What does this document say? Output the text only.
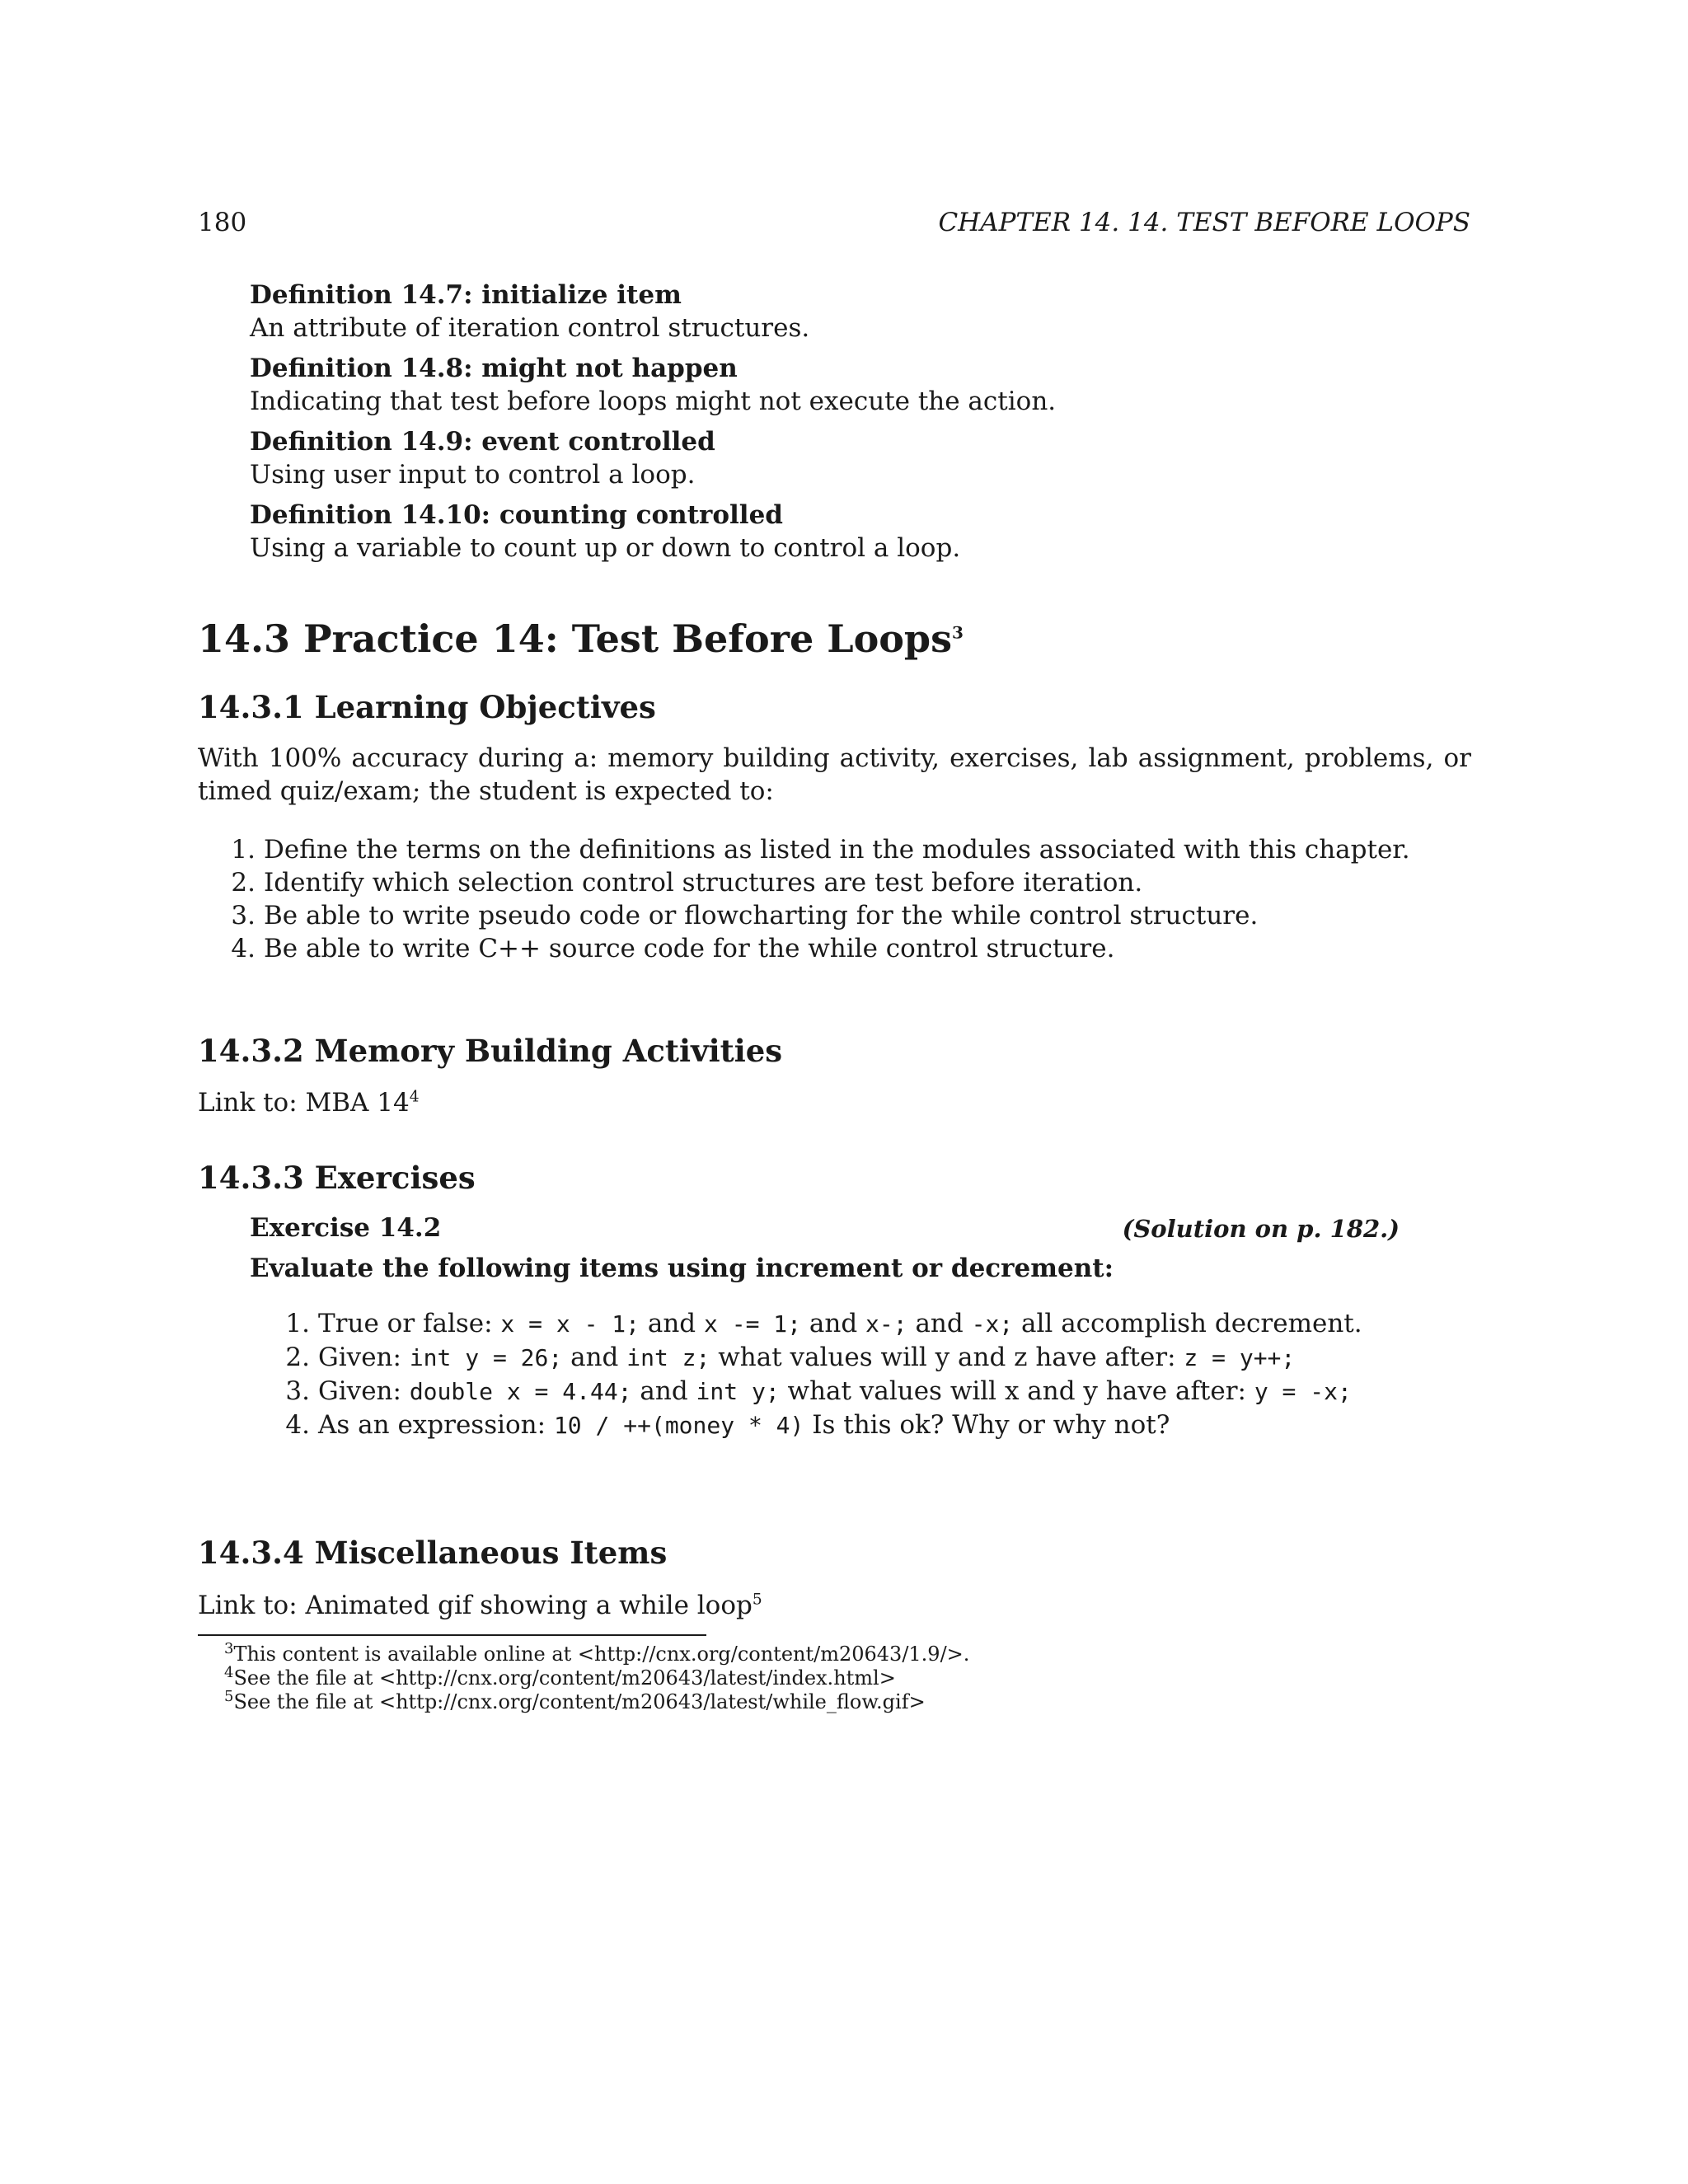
180	CHAPTER 14. 14. TEST BEFORE LOOPS
Definition 14.7: initialize item
An attribute of iteration control structures.
Definition 14.8: might not happen
Indicating that test before loops might not execute the action.
Definition 14.9: event controlled
Using user input to control a loop.
Definition 14.10: counting controlled
Using a variable to count up or down to control a loop.
14.3 Practice 14: Test Before Loops$^3$
14.3.1 Learning Objectives
With 100% accuracy during a: memory building activity, exercises, lab assignment, problems, or timed quiz/exam; the student is expected to:
1. Define the terms on the definitions as listed in the modules associated with this chapter.
2. Identify which selection control structures are test before iteration.
3. Be able to write pseudo code or flowcharting for the while control structure.
4. Be able to write C++ source code for the while control structure.
14.3.2 Memory Building Activities
Link to: MBA $14^4$
14.3.3 Exercises
Exercise 14.2	(Solution on p. 182.)
Evaluate the following items using increment or decrement:
1. True or false: x = x - 1; and x -= 1; and x-; and -x; all accomplish decrement.
2. Given: int y = 26; and int z; what values will y and z have after: z = y++;
3. Given: double x = 4.44; and int y; what values will x and y have after: y = -x;
4. As an expression: 10 / ++(money * 4) Is this ok? Why or why not?
14.3.4 Miscellaneous Items
Link to: Animated gif showing a while loop$^5$
$^3$This content is available online at <http://cnx.org/content/m20643/1.9/>.
$^4$See the file at <http://cnx.org/content/m20643/latest/index.html>
$^5$See the file at <http://cnx.org/content/m20643/latest/while_flow.gif>
